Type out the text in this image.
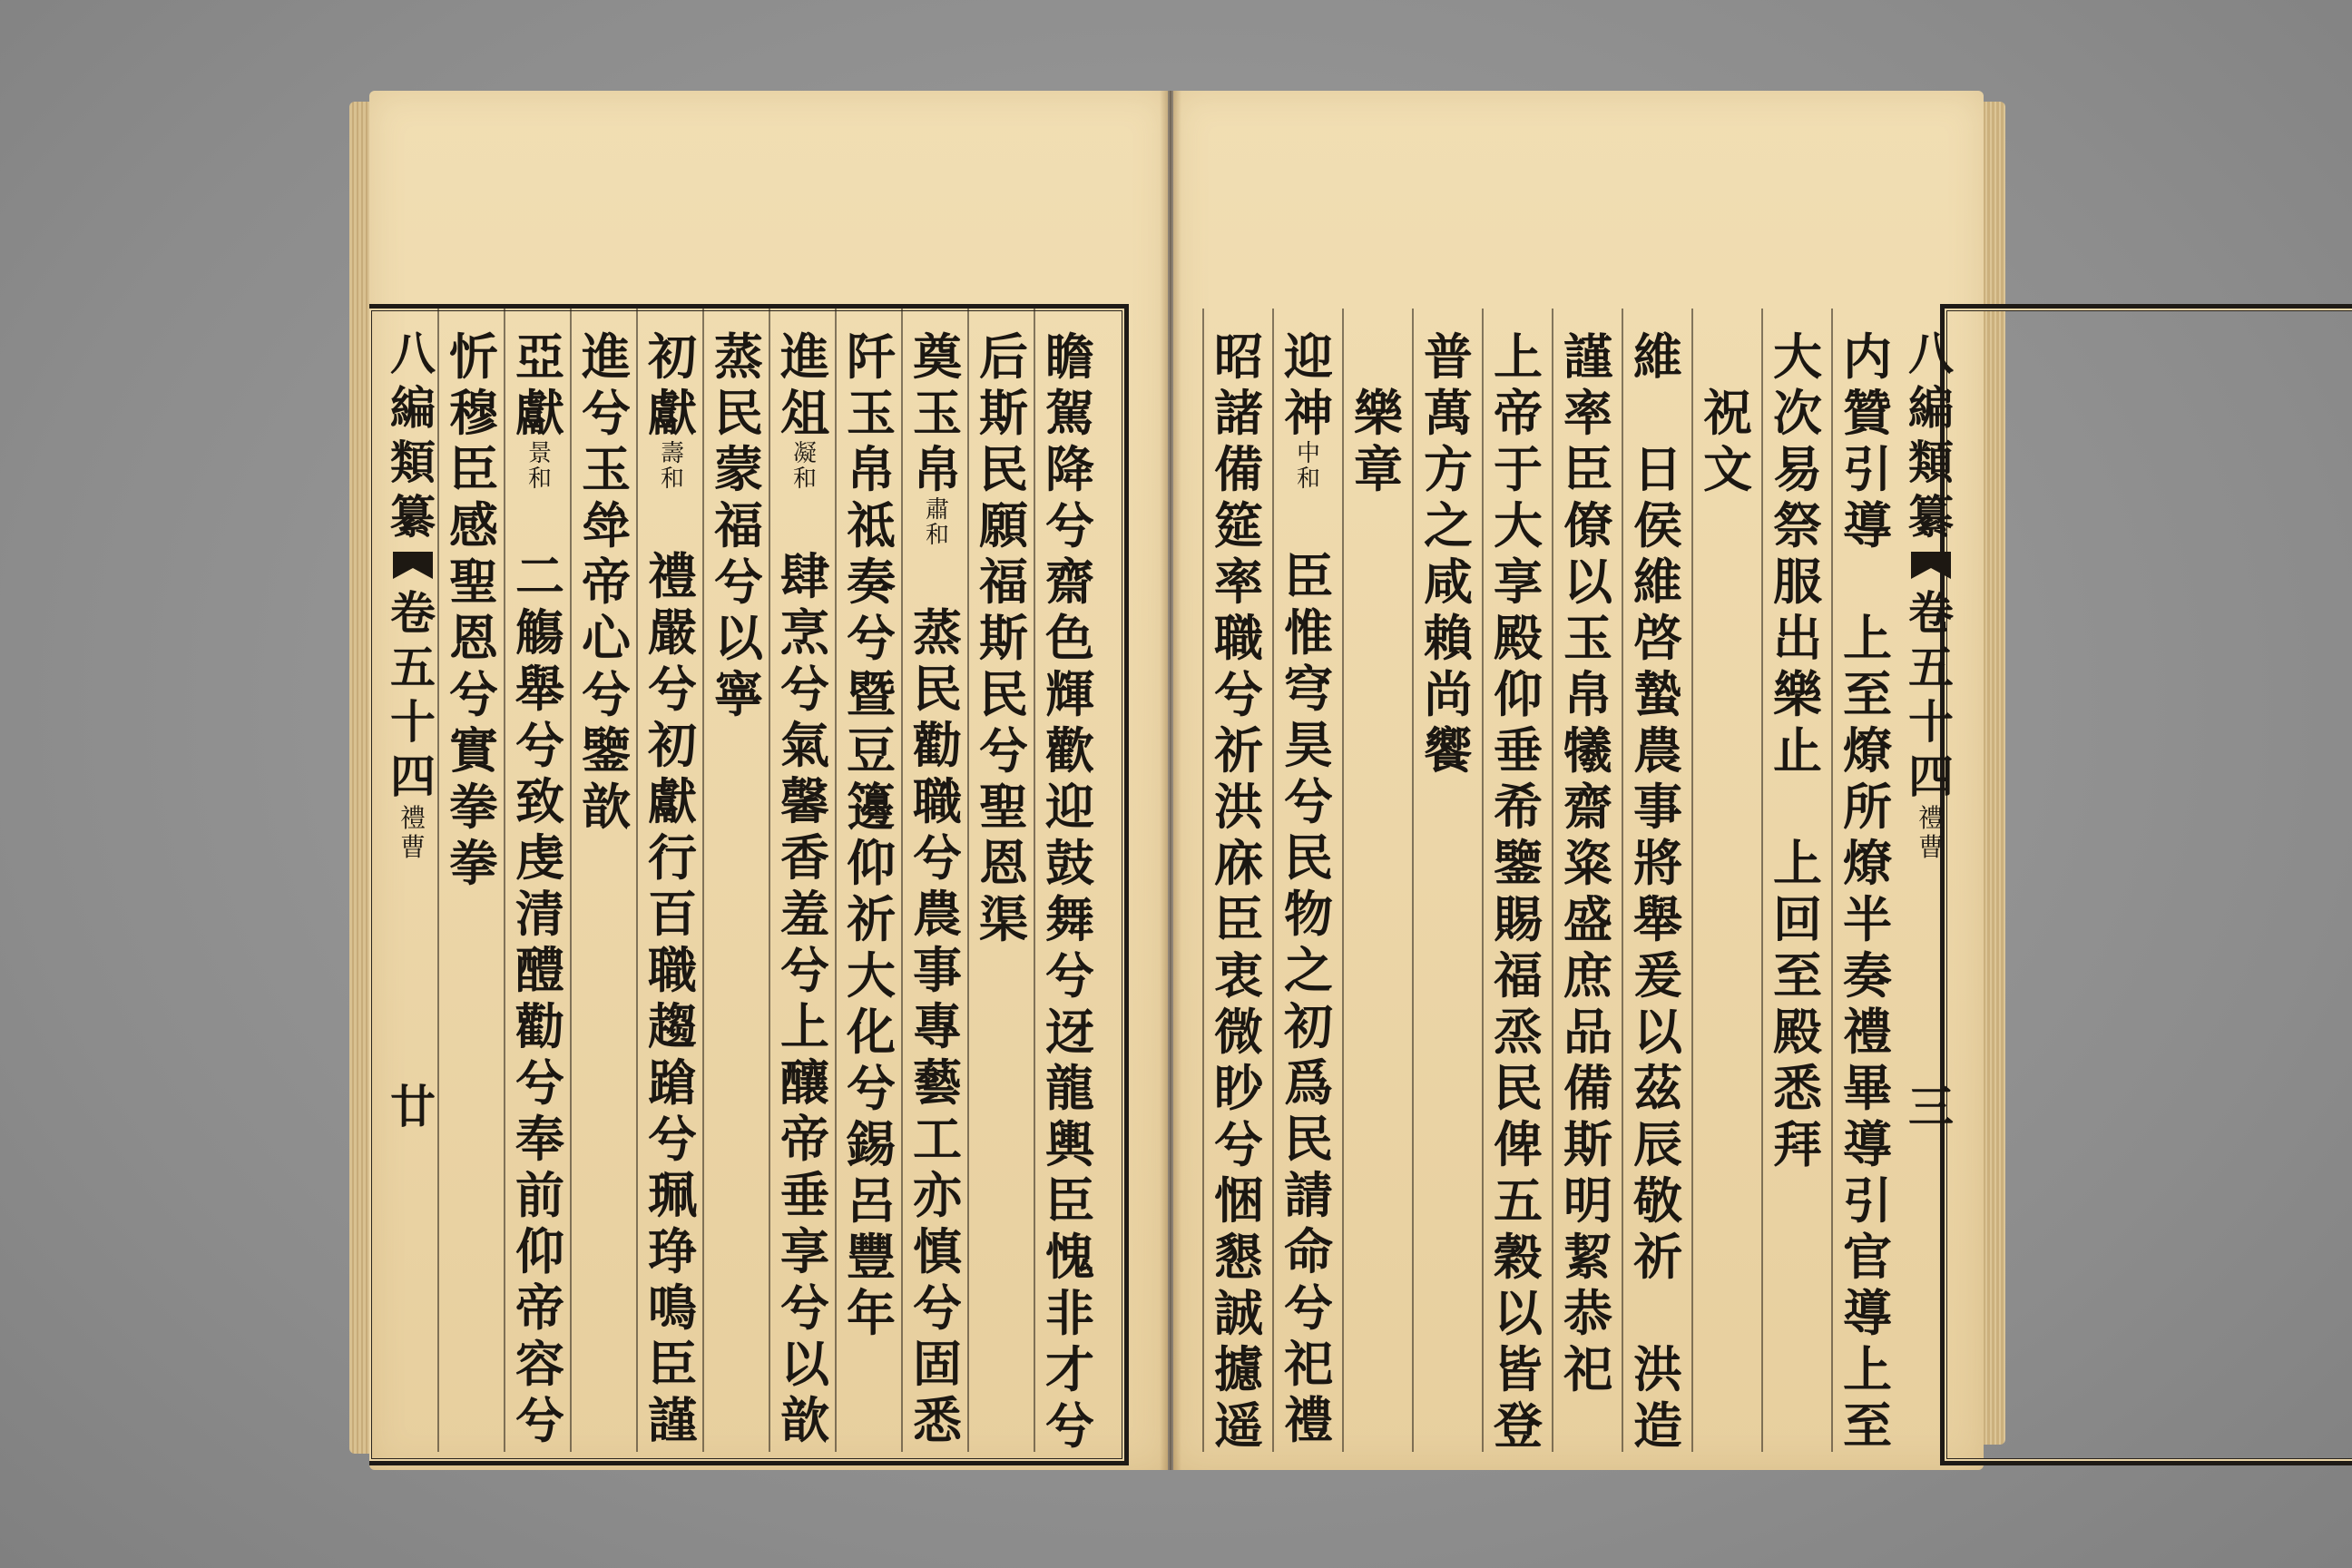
瞻
駕
降
兮
齋
色
輝
歡
迎
鼓
舞
兮
迓
龍
輿
臣
愧
非
才
兮
后
斯
民
願
福
斯
民
兮
聖
恩
渠
奠
玉
帛
肅
和
蒸
民
勸
職
兮
農
事
專
藝
工
亦
慎
兮
固
悉
阡
玉
帛
祗
奏
兮
暨
豆
籩
仰
祈
大
化
兮
錫
呂
豐
年
進
俎
凝
和
肆
烹
兮
氣
馨
香
羞
兮
上
釀
帝
垂
享
兮
以
歆
蒸
民
蒙
福
兮
以
寧
初
獻
壽
和
禮
嚴
兮
初
獻
行
百
職
趨
蹌
兮
珮
琤
鳴
臣
謹
進
兮
玉
斚
帝
心
兮
鑒
歆
亞
獻
景
和
二
觴
舉
兮
致
虔
清
醴
勸
兮
奉
前
仰
帝
容
兮
忻
穆
臣
感
聖
恩
兮
實
拳
拳
八
編
類
纂
卷
五
十
四
禮
曹
廿
内
贊
引
導
上
至
燎
所
燎
半
奏
禮
畢
導
引
官
導
上
至
大
次
易
祭
服
出
樂
止
上
回
至
殿
悉
拜
祝
文
維
日
侯
維
啓
蟄
農
事
將
舉
爰
以
茲
辰
敬
祈
洪
造
謹
率
臣
僚
以
玉
帛
犧
齋
粢
盛
庶
品
備
斯
明
絜
恭
祀
上
帝
于
大
享
殿
仰
垂
希
鑒
賜
福
烝
民
俾
五
穀
以
皆
登
普
萬
方
之
咸
賴
尚
饗
樂
章
迎
神
中
和
臣
惟
穹
昊
兮
民
物
之
初
爲
民
請
命
兮
祀
禮
昭
諸
備
筵
率
職
兮
祈
洪
庥
臣
衷
微
眇
兮
悃
懇
誠
攄
遥
八
編
類
纂
卷
五
十
四
禮
曹
三
